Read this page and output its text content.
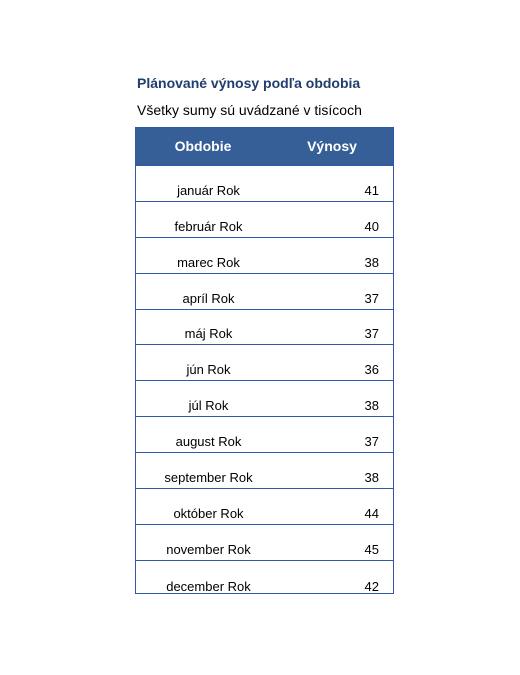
Plánované výnosy podľa obdobia
Všetky sumy sú uvádzané v tisícoch
Obdobie	Výnosy
január Rok	41
február Rok	40
marec Rok	38
apríl Rok	37
máj Rok	37
jún Rok	36
júl Rok	38
august Rok	37
september Rok	38
október Rok	44
november Rok	45
december Rok	42
